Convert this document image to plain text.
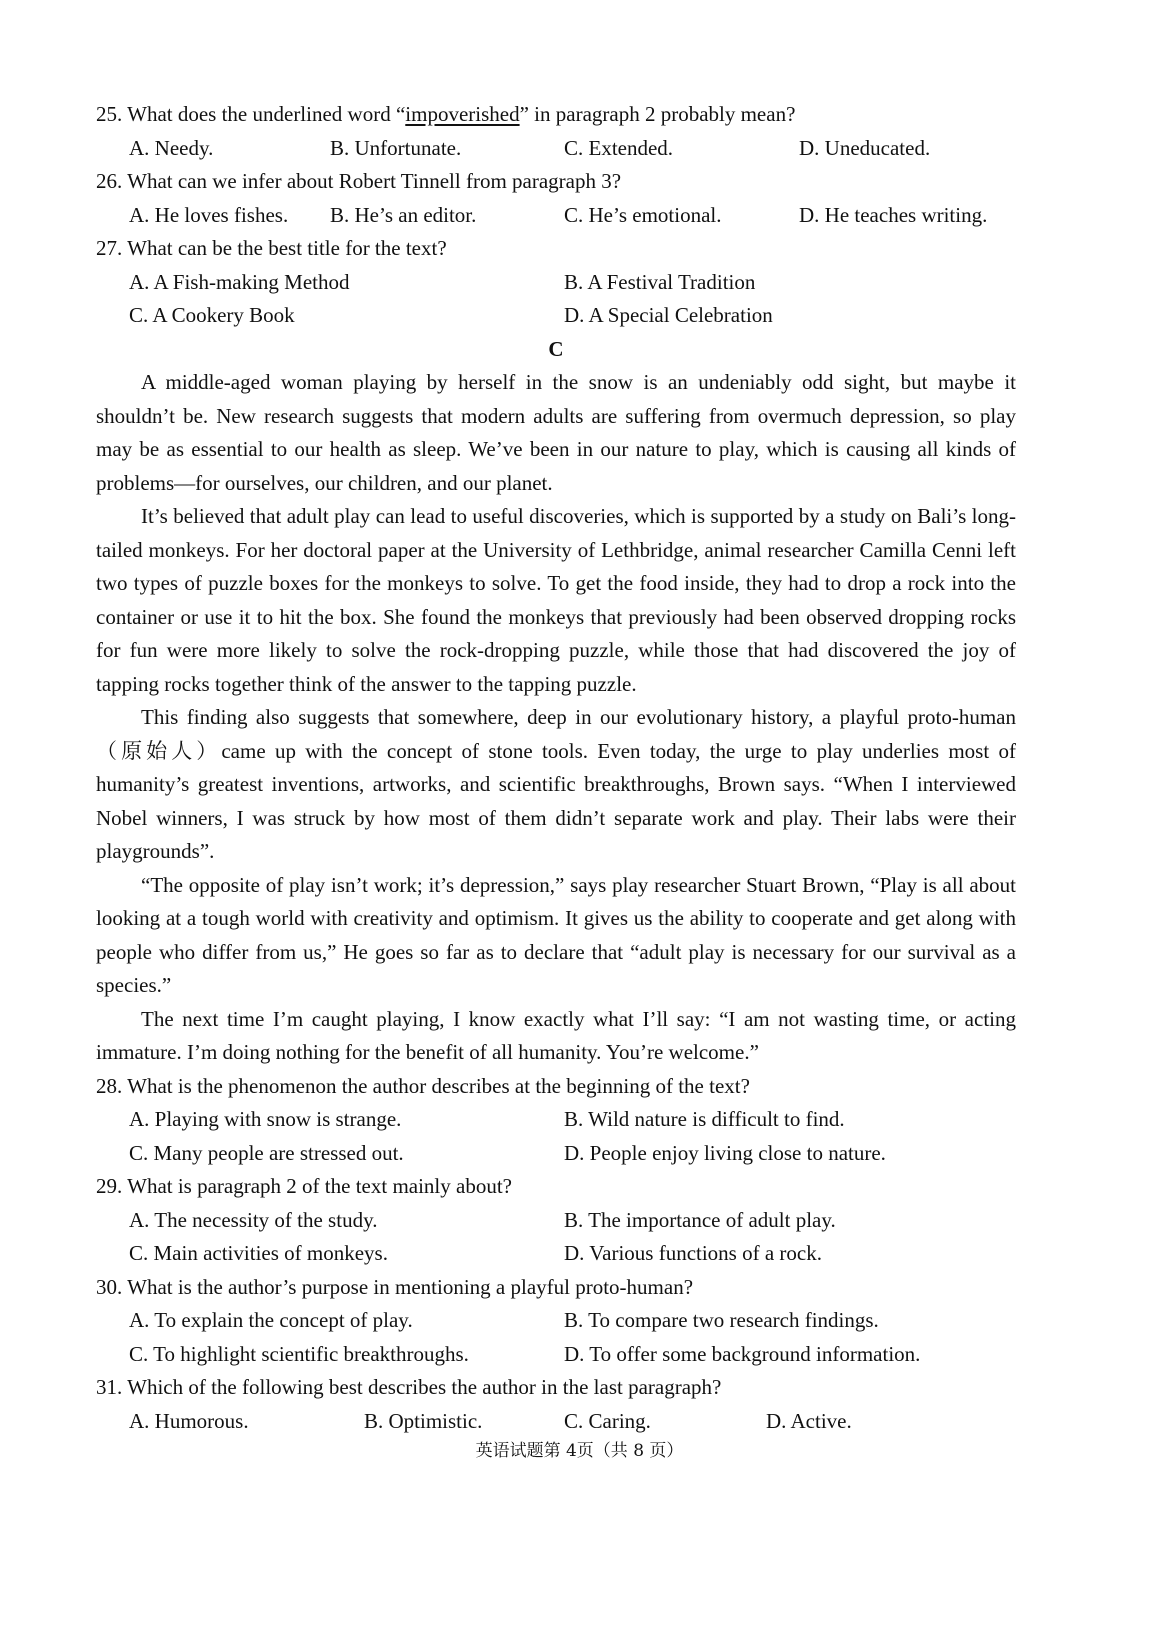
25. What does the underlined word “impoverished” in paragraph 2 probably mean?
A. Needy.	B. Unfortunate.	C. Extended.	D. Uneducated.
26. What can we infer about Robert Tinnell from paragraph 3?
A. He loves fishes. B. He’s an editor.	C. He’s emotional.	D. He teaches writing.
27. What can be the best title for the text?
A. A Fish-making Method	B. A Festival Tradition
C. A Cookery Book	D. A Special Celebration
C

A middle-aged woman playing by herself in the snow is an undeniably odd sight, but maybe it shouldn’t be. New research suggests that modern adults are suffering from overmuch depression, so play may be as essential to our health as sleep. We’ve been in our nature to play, which is causing all kinds of problems—for ourselves, our children, and our planet.

It’s believed that adult play can lead to useful discoveries, which is supported by a study on Bali’s long-tailed monkeys. For her doctoral paper at the University of Lethbridge, animal researcher Camilla Cenni left two types of puzzle boxes for the monkeys to solve. To get the food inside, they had to drop a rock into the container or use it to hit the box. She found the monkeys that previously had been observed dropping rocks for fun were more likely to solve the rock-dropping puzzle, while those that had discovered the joy of tapping rocks together think of the answer to the tapping puzzle.

This finding also suggests that somewhere, deep in our evolutionary history, a playful proto-human（原始人）came up with the concept of stone tools. Even today, the urge to play underlies most of humanity’s greatest inventions, artworks, and scientific breakthroughs, Brown says. “When I interviewed Nobel winners, I was struck by how most of them didn’t separate work and play. Their labs were their playgrounds”.

“The opposite of play isn’t work; it’s depression,” says play researcher Stuart Brown, “Play is all about looking at a tough world with creativity and optimism. It gives us the ability to cooperate and get along with people who differ from us,” He goes so far as to declare that “adult play is necessary for our survival as a species.”

The next time I’m caught playing, I know exactly what I’ll say: “I am not wasting time, or acting immature. I’m doing nothing for the benefit of all humanity. You’re welcome.”

28. What is the phenomenon the author describes at the beginning of the text?
A. Playing with snow is strange.	B. Wild nature is difficult to find.
C. Many people are stressed out.	D. People enjoy living close to nature.
29. What is paragraph 2 of the text mainly about?
A. The necessity of the study.	B. The importance of adult play.
C. Main activities of monkeys.	D. Various functions of a rock.
30. What is the author’s purpose in mentioning a playful proto-human?
A. To explain the concept of play.	B. To compare two research findings.
C. To highlight scientific breakthroughs.	D. To offer some background information.
31. Which of the following best describes the author in the last paragraph?
A. Humorous.	B. Optimistic.	C. Caring.	D. Active.
英语试题第 4页（共 8 页）
